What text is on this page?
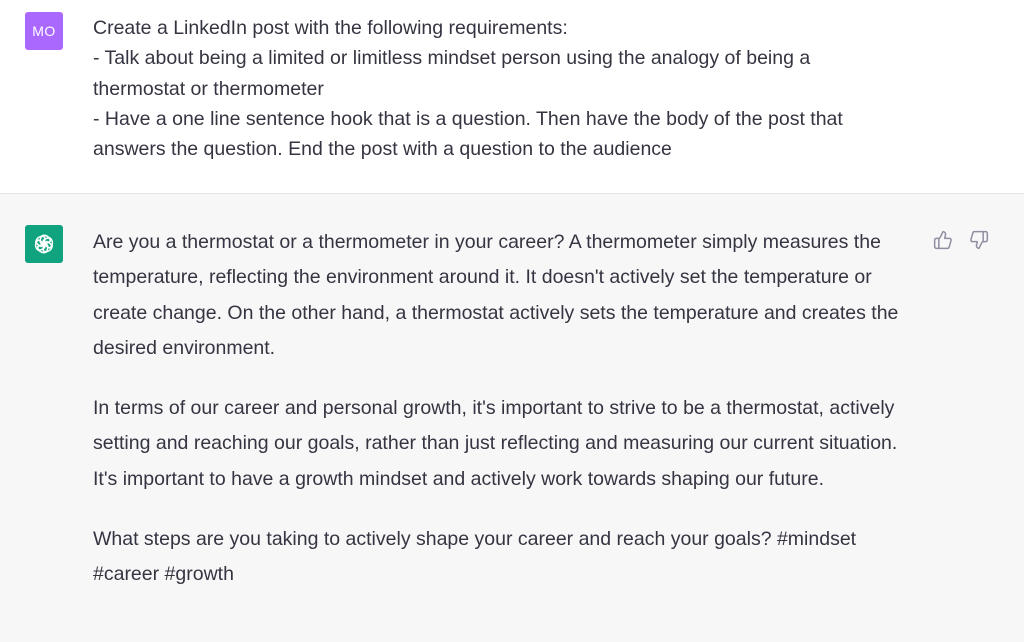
MO Create a LinkedIn post with the following requirements:
- Talk about being a limited or limitless mindset person using the analogy of being a
thermostat or thermometer
- Have a one line sentence hook that is a question. Then have the body of the post that
answers the question. End the post with a question to the audience

Are you a thermostat or a thermometer in your career? A thermometer simply measures the temperature, reflecting the environment around it. It doesn't actively set the temperature or create change. On the other hand, a thermostat actively sets the temperature and creates the desired environment.

In terms of our career and personal growth, it's important to strive to be a thermostat, actively setting and reaching our goals, rather than just reflecting and measuring our current situation. It's important to have a growth mindset and actively work towards shaping our future.

What steps are you taking to actively shape your career and reach your goals? #mindset #career #growth
